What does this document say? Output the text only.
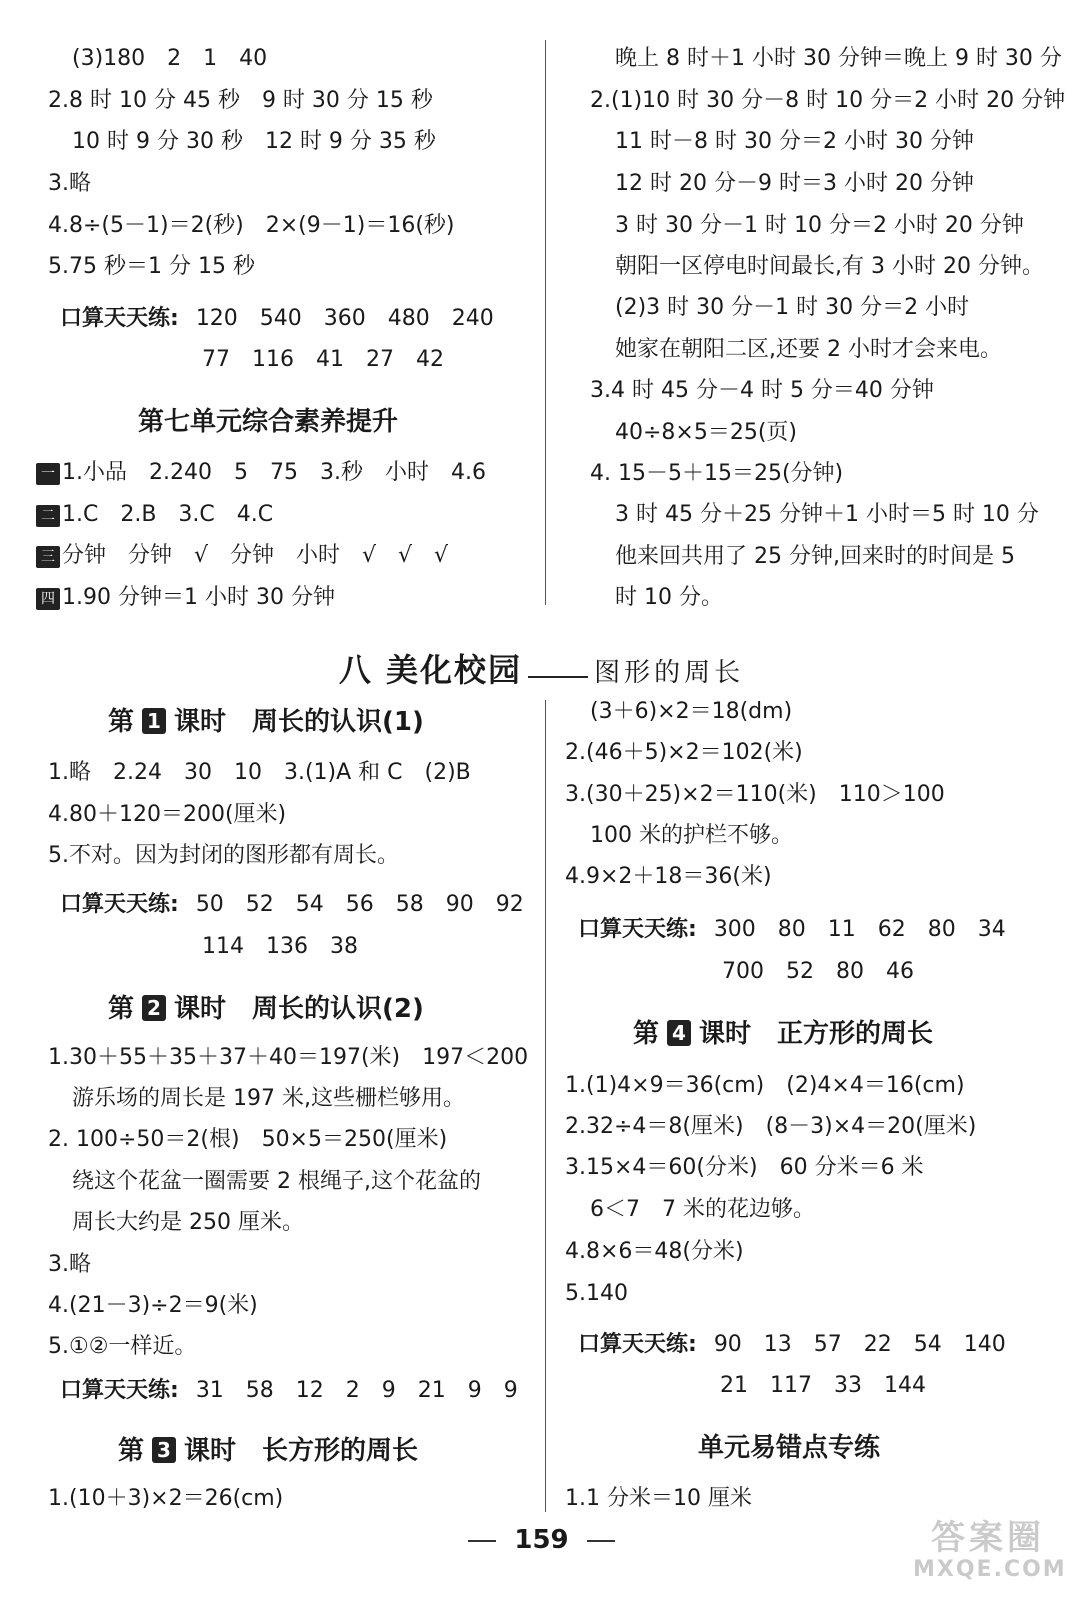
(3)180　2　1　40
2.8 时 10 分 45 秒　9 时 30 分 15 秒
10 时 9 分 30 秒　12 时 9 分 35 秒
3.略
4.8÷(5－1)＝2(秒)　2×(9－1)＝16(秒)
5.75 秒＝1 分 15 秒
口算天天练: 120　540　360　480　240
77　116　41　27　42
第七单元综合素养提升
一 1.小品　2.240　5　75　3.秒　小时　4.6
二 1.C　2.B　3.C　4.C
三 分钟　分钟　√　分钟　小时　√　√　√
四 1.90 分钟＝1 小时 30 分钟
晚上 8 时＋1 小时 30 分钟＝晚上 9 时 30 分
2.(1)10 时 30 分－8 时 10 分＝2 小时 20 分钟
11 时－8 时 30 分＝2 小时 30 分钟
12 时 20 分－9 时＝3 小时 20 分钟
3 时 30 分－1 时 10 分＝2 小时 20 分钟
朝阳一区停电时间最长,有 3 小时 20 分钟。
(2)3 时 30 分－1 时 30 分＝2 小时
她家在朝阳二区,还要 2 小时才会来电。
3.4 时 45 分－4 时 5 分＝40 分钟
40÷8×5＝25(页)
4. 15－5＋15＝25(分钟)
3 时 45 分＋25 分钟＋1 小时＝5 时 10 分
他来回共用了 25 分钟,回来时的时间是 5
时 10 分。
八 美化校园	图形的周长
第 1 课时　周长的认识(1)
1.略　2.24　30　10　3.(1)A 和 C　(2)B
4.80＋120＝200(厘米)
5.不对。因为封闭的图形都有周长。
口算天天练: 50　52　54　56　58　90　92
114　136　38
第 2 课时　周长的认识(2)
1.30＋55＋35＋37＋40＝197(米)　197＜200
游乐场的周长是 197 米,这些栅栏够用。
2. 100÷50＝2(根)　50×5＝250(厘米)
绕这个花盆一圈需要 2 根绳子,这个花盆的
周长大约是 250 厘米。
3.略
4.(21－3)÷2＝9(米)
5.①②一样近。
口算天天练: 31　58　12　2　9　21　9　9
第 3 课时　长方形的周长
1.(10＋3)×2＝26(cm)
(3＋6)×2＝18(dm)
2.(46＋5)×2＝102(米)
3.(30＋25)×2＝110(米)　110＞100
100 米的护栏不够。
4.9×2＋18＝36(米)
口算天天练: 300　80　11　62　80　34
700　52　80　46
第 4 课时　正方形的周长
1.(1)4×9＝36(cm)　(2)4×4＝16(cm)
2.32÷4＝8(厘米)　(8－3)×4＝20(厘米)
3.15×4＝60(分米)　60 分米＝6 米
6＜7　7 米的花边够。
4.8×6＝48(分米)
5.140
口算天天练: 90　13　57　22　54　140
21　117　33　144
单元易错点专练
1.1 分米＝10 厘米
159	答案圈
MXQE.COM
